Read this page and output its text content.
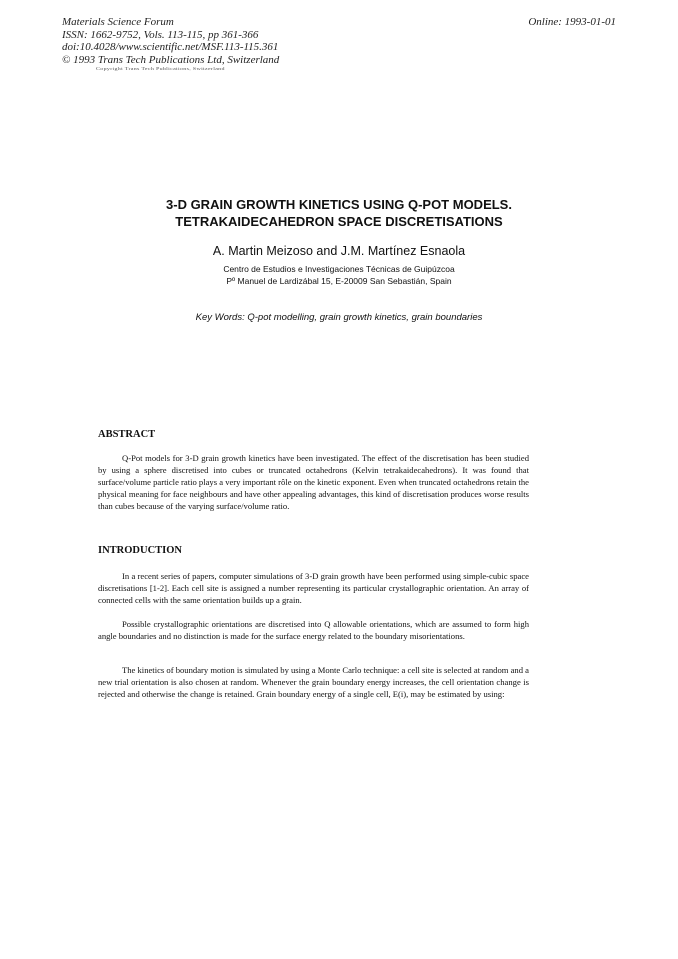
Materials Science Forum
ISSN: 1662-9752, Vols. 113-115, pp 361-366
doi:10.4028/www.scientific.net/MSF.113-115.361
© 1993 Trans Tech Publications Ltd, Switzerland
Online: 1993-01-01
Copyright Trans Tech Publications, Switzerland
3-D GRAIN GROWTH KINETICS USING Q-POT MODELS.
TETRAKAIDECAHEDRON SPACE DISCRETISATIONS
A. Martin Meizoso and J.M. Martínez Esnaola
Centro de Estudios e Investigaciones Técnicas de Guipúzcoa
Pº Manuel de Lardizábal 15, E-20009 San Sebastián, Spain
Key Words: Q-pot modelling, grain growth kinetics, grain boundaries
ABSTRACT
Q-Pot models for 3-D grain growth kinetics have been investigated. The effect of the discretisation has been studied by using a sphere discretised into cubes or truncated octahedrons (Kelvin tetrakaidecahedrons). It was found that surface/volume particle ratio plays a very important rôle on the kinetic exponent. Even when truncated octahedrons retain the physical meaning for face neighbours and have other appealing advantages, this kind of discretisation produces worse results than cubes because of the varying surface/volume ratio.
INTRODUCTION
In a recent series of papers, computer simulations of 3-D grain growth have been performed using simple-cubic space discretisations [1-2]. Each cell site is assigned a number representing its particular crystallographic orientation. An array of connected cells with the same orientation builds up a grain.
Possible crystallographic orientations are discretised into Q allowable orientations, which are assumed to form high angle boundaries and no distinction is made for the surface energy related to the boundary misorientations.
The kinetics of boundary motion is simulated by using a Monte Carlo technique: a cell site is selected at random and a new trial orientation is also chosen at random. Whenever the grain boundary energy increases, the cell orientation change is rejected and otherwise the change is retained. Grain boundary energy of a single cell, E(i), may be estimated by using:
